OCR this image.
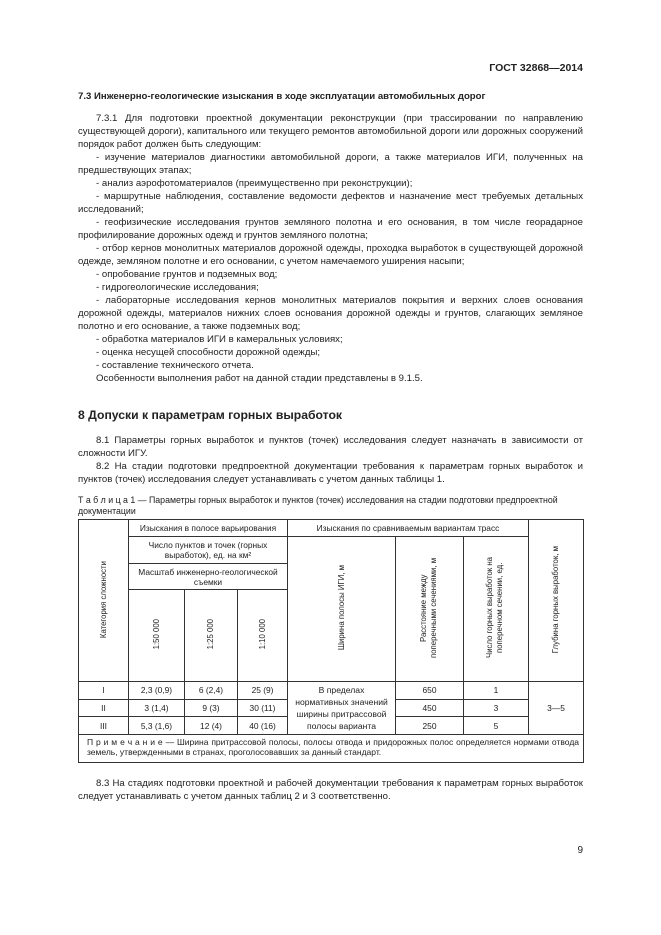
ГОСТ 32868—2014
7.3 Инженерно-геологические изыскания в ходе эксплуатации автомобильных дорог

7.3.1 Для подготовки проектной документации реконструкции (при трассировании по направлению существующей дороги), капитального или текущего ремонтов автомобильной дороги или дорожных сооружений порядок работ должен быть следующим:

- изучение материалов диагностики автомобильной дороги, а также материалов ИГИ, полученных на предшествующих этапах;

- анализ аэрофотоматериалов (преимущественно при реконструкции);

- маршрутные наблюдения, составление ведомости дефектов и назначение мест требуемых детальных исследований;

- геофизические исследования грунтов земляного полотна и его основания, в том числе георадарное профилирование дорожных одежд и грунтов земляного полотна;

- отбор кернов монолитных материалов дорожной одежды, проходка выработок в существующей дорожной одежде, земляном полотне и его основании, с учетом намечаемого уширения насыпи;

- опробование грунтов и подземных вод;

- гидрогеологические исследования;

- лабораторные исследования кернов монолитных материалов покрытия и верхних слоев основания дорожной одежды, материалов нижних слоев основания дорожной одежды и грунтов, слагающих земляное полотно и его основание, а также подземных вод;

- обработка материалов ИГИ в камеральных условиях;

- оценка несущей способности дорожной одежды;

- составление технического отчета.

Особенности выполнения работ на данной стадии представлены в 9.1.5.

8 Допуски к параметрам горных выработок

8.1 Параметры горных выработок и пунктов (точек) исследования следует назначать в зависимости от сложности ИГУ.

8.2 На стадии подготовки предпроектной документации требования к параметрам горных выработок и пунктов (точек) исследования следует устанавливать с учетом данных таблицы 1.

Т а б л и ц а 1 — Параметры горных выработок и пунктов (точек) исследования на стадии подготовки предпроектной документации
Категория сложности	Изыскания в полосе варьирования			Изыскания по сравниваемым вариантам трасс			Глубина горных выработок, м
	Число пунктов и точек (горных выработок), ед. на км²			Ширина полосы ИГИ, м	Расстояние между поперечными сечениями, м	Число горных выработок на поперечном сечении, ед.	
	Масштаб инженерно-геологической съемки						
	1:50 000	1:25 000	1:10 000				
I	2,3 (0,9)	6 (2,4)	25 (9)	В пределах нормативных значений ширины притрассовой полосы варианта	650	1	3—5
II	3 (1,4)	9 (3)	30 (11)		450	3	
III	5,3 (1,6)	12 (4)	40 (16)		250	5	
П р и м е ч а н и е — Ширина притрассовой полосы, полосы отвода и придорожных полос определяется нормами отвода земель, утвержденными в странах, проголосовавших за данный стандарт.							

8.3 На стадиях подготовки проектной и рабочей документации требования к параметрам горных выработок следует устанавливать с учетом данных таблиц 2 и 3 соответственно.

9
